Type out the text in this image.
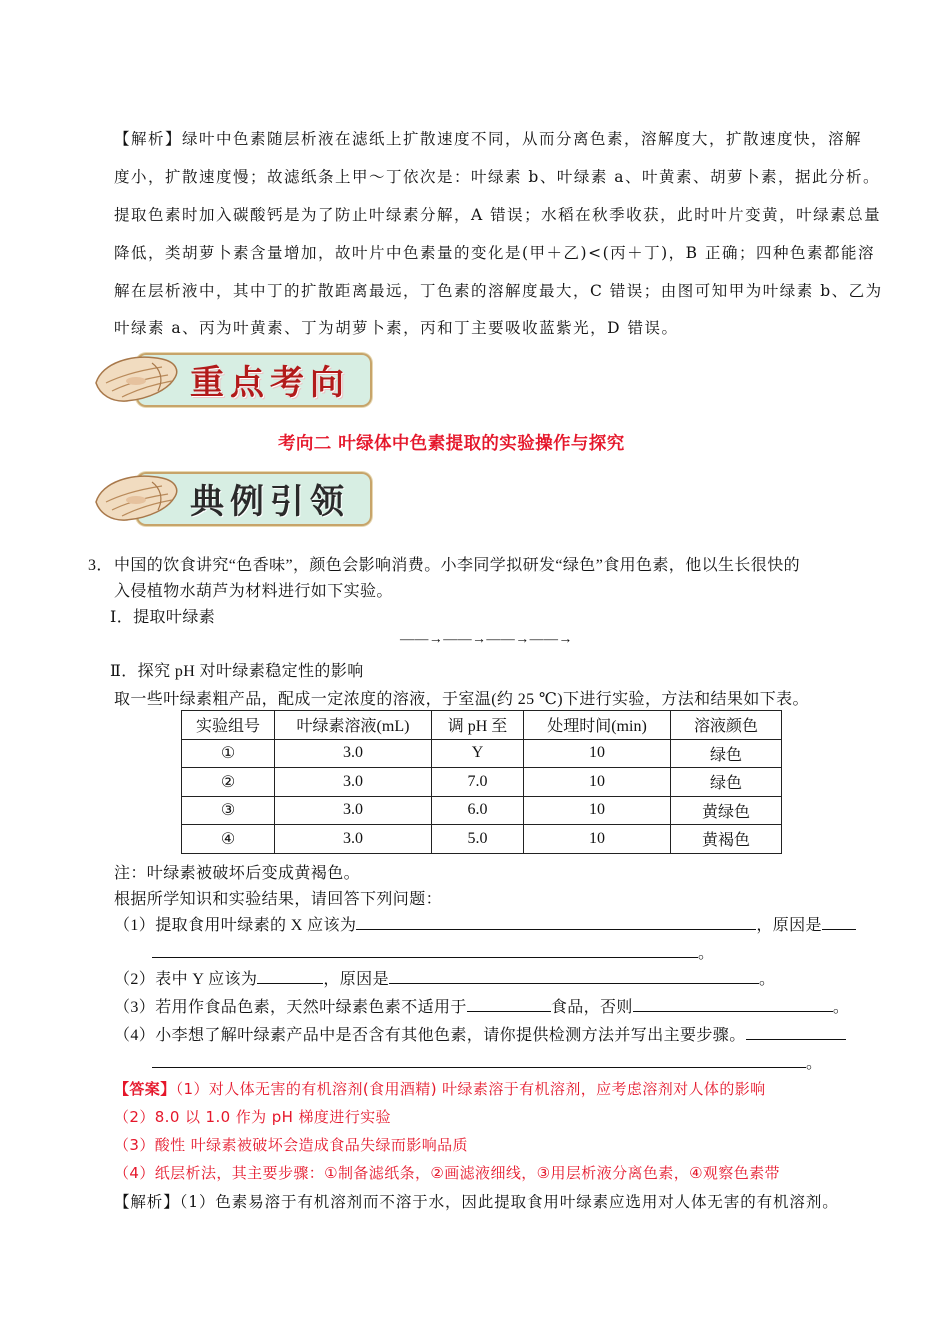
【解析】绿叶中色素随层析液在滤纸上扩散速度不同，从而分离色素，溶解度大，扩散速度快，溶解
度小，扩散速度慢；故滤纸条上甲～丁依次是：叶绿素 b、叶绿素 a、叶黄素、胡萝卜素，据此分析。
提取色素时加入碳酸钙是为了防止叶绿素分解，A 错误；水稻在秋季收获，此时叶片变黄，叶绿素总量
降低，类胡萝卜素含量增加，故叶片中色素量的变化是(甲＋乙)<(丙＋丁)，B 正确；四种色素都能溶
解在层析液中，其中丁的扩散距离最远，丁色素的溶解度最大，C 错误；由图可知甲为叶绿素 b、乙为
叶绿素 a、丙为叶黄素、丁为胡萝卜素，丙和丁主要吸收蓝紫光，D 错误。
重点考向
考向二 叶绿体中色素提取的实验操作与探究
典例引领
3． 中国的饮食讲究“色香味”，颜色会影响消费。小李同学拟研发“绿色”食用色素，他以生长很快的
入侵植物水葫芦为材料进行如下实验。
Ⅰ．提取叶绿素
——→——→——→——→
Ⅱ．探究 pH 对叶绿素稳定性的影响
取一些叶绿素粗产品，配成一定浓度的溶液，于室温(约 25 ℃)下进行实验，方法和结果如下表。
实验组号	叶绿素溶液(mL)	调 pH 至	处理时间(min)	溶液颜色
①	3.0	Y	10	绿色
②	3.0	7.0	10	绿色
③	3.0	6.0	10	黄绿色
④	3.0	5.0	10	黄褐色
注：叶绿素被破坏后变成黄褐色。
根据所学知识和实验结果，请回答下列问题：
（1）提取食用叶绿素的 X 应该为	，原因是
。
（2）表中 Y 应该为	，原因是	。
（3）若用作食品色素，天然叶绿素色素不适用于	食品，否则	。
（4）小李想了解叶绿素产品中是否含有其他色素，请你提供检测方法并写出主要步骤。
。
【答案】（1）对人体无害的有机溶剂(食用酒精) 叶绿素溶于有机溶剂，应考虑溶剂对人体的影响
（2）8.0 以 1.0 作为 pH 梯度进行实验
（3）酸性 叶绿素被破坏会造成食品失绿而影响品质
（4）纸层析法，其主要步骤：①制备滤纸条，②画滤液细线，③用层析液分离色素，④观察色素带
【解析】（1）色素易溶于有机溶剂而不溶于水，因此提取食用叶绿素应选用对人体无害的有机溶剂。
